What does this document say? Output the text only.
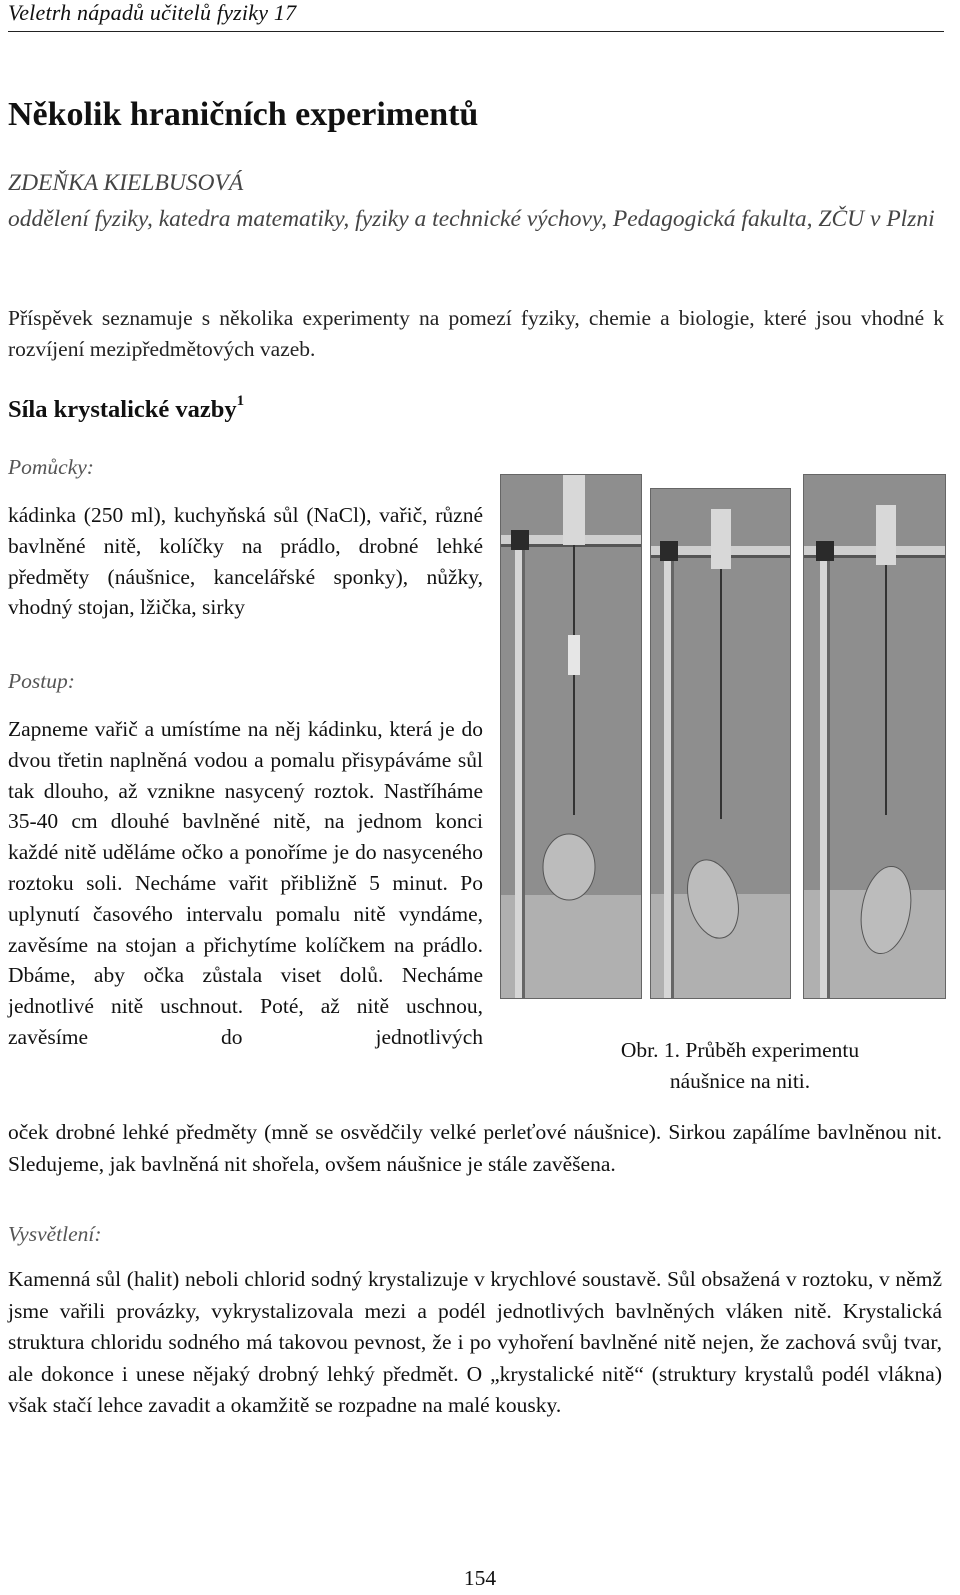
Veletrh nápadů učitelů fyziky 17
Několik hraničních experimentů
ZDEŇKA KIELBUSOVÁ
oddělení fyziky, katedra matematiky, fyziky a technické výchovy, Pedagogická fakulta, ZČU v Plzni
Příspěvek seznamuje s několika experimenty na pomezí fyziky, chemie a biologie, které jsou vhodné k rozvíjení mezipředmětových vazeb.
Síla krystalické vazby$^1$
Pomůcky:
kádinka (250 ml), kuchyňská sůl (NaCl), vařič, různé bavlněné nitě, kolíčky na prádlo, drobné lehké předměty (náušnice, kancelářské sponky), nůžky, vhodný stojan, lžička, sirky
Postup:
Zapneme vařič a umístíme na něj kádinku, která je do dvou třetin naplněná vodou a pomalu přisypáváme sůl tak dlouho, až vznikne nasycený roztok. Nastříháme 35-40 cm dlouhé bavlněné nitě, na jednom konci každé nitě uděláme očko a ponoříme je do nasyceného roztoku soli. Necháme vařit přibližně 5 minut. Po uplynutí časového intervalu pomalu nitě vyndáme, zavěsíme na stojan a přichytíme kolíčkem na prádlo. Dbáme, aby očka zůstala viset dolů. Necháme jednotlivé nitě uschnout. Poté, až nitě uschnou, zavěsíme do jednotlivých
oček drobné lehké předměty (mně se osvědčily velké perleťové náušnice). Sirkou zapálíme bavlněnou nit. Sledujeme, jak bavlněná nit shořela, ovšem náušnice je stále zavěšena.
Obr. 1. Průběh experimentu
náušnice na niti.
Vysvětlení:
Kamenná sůl (halit) neboli chlorid sodný krystalizuje v krychlové soustavě. Sůl obsažená v roztoku, v němž jsme vařili provázky, vykrystalizovala mezi a podél jednotlivých bavlněných vláken nitě. Krystalická struktura chloridu sodného má takovou pevnost, že i po vyhoření bavlněné nitě nejen, že zachová svůj tvar, ale dokonce i unese nějaký drobný lehký předmět. O „krystalické nitě“ (struktury krystalů podél vlákna) však stačí lehce zavadit a okamžitě se rozpadne na malé kousky.
154
